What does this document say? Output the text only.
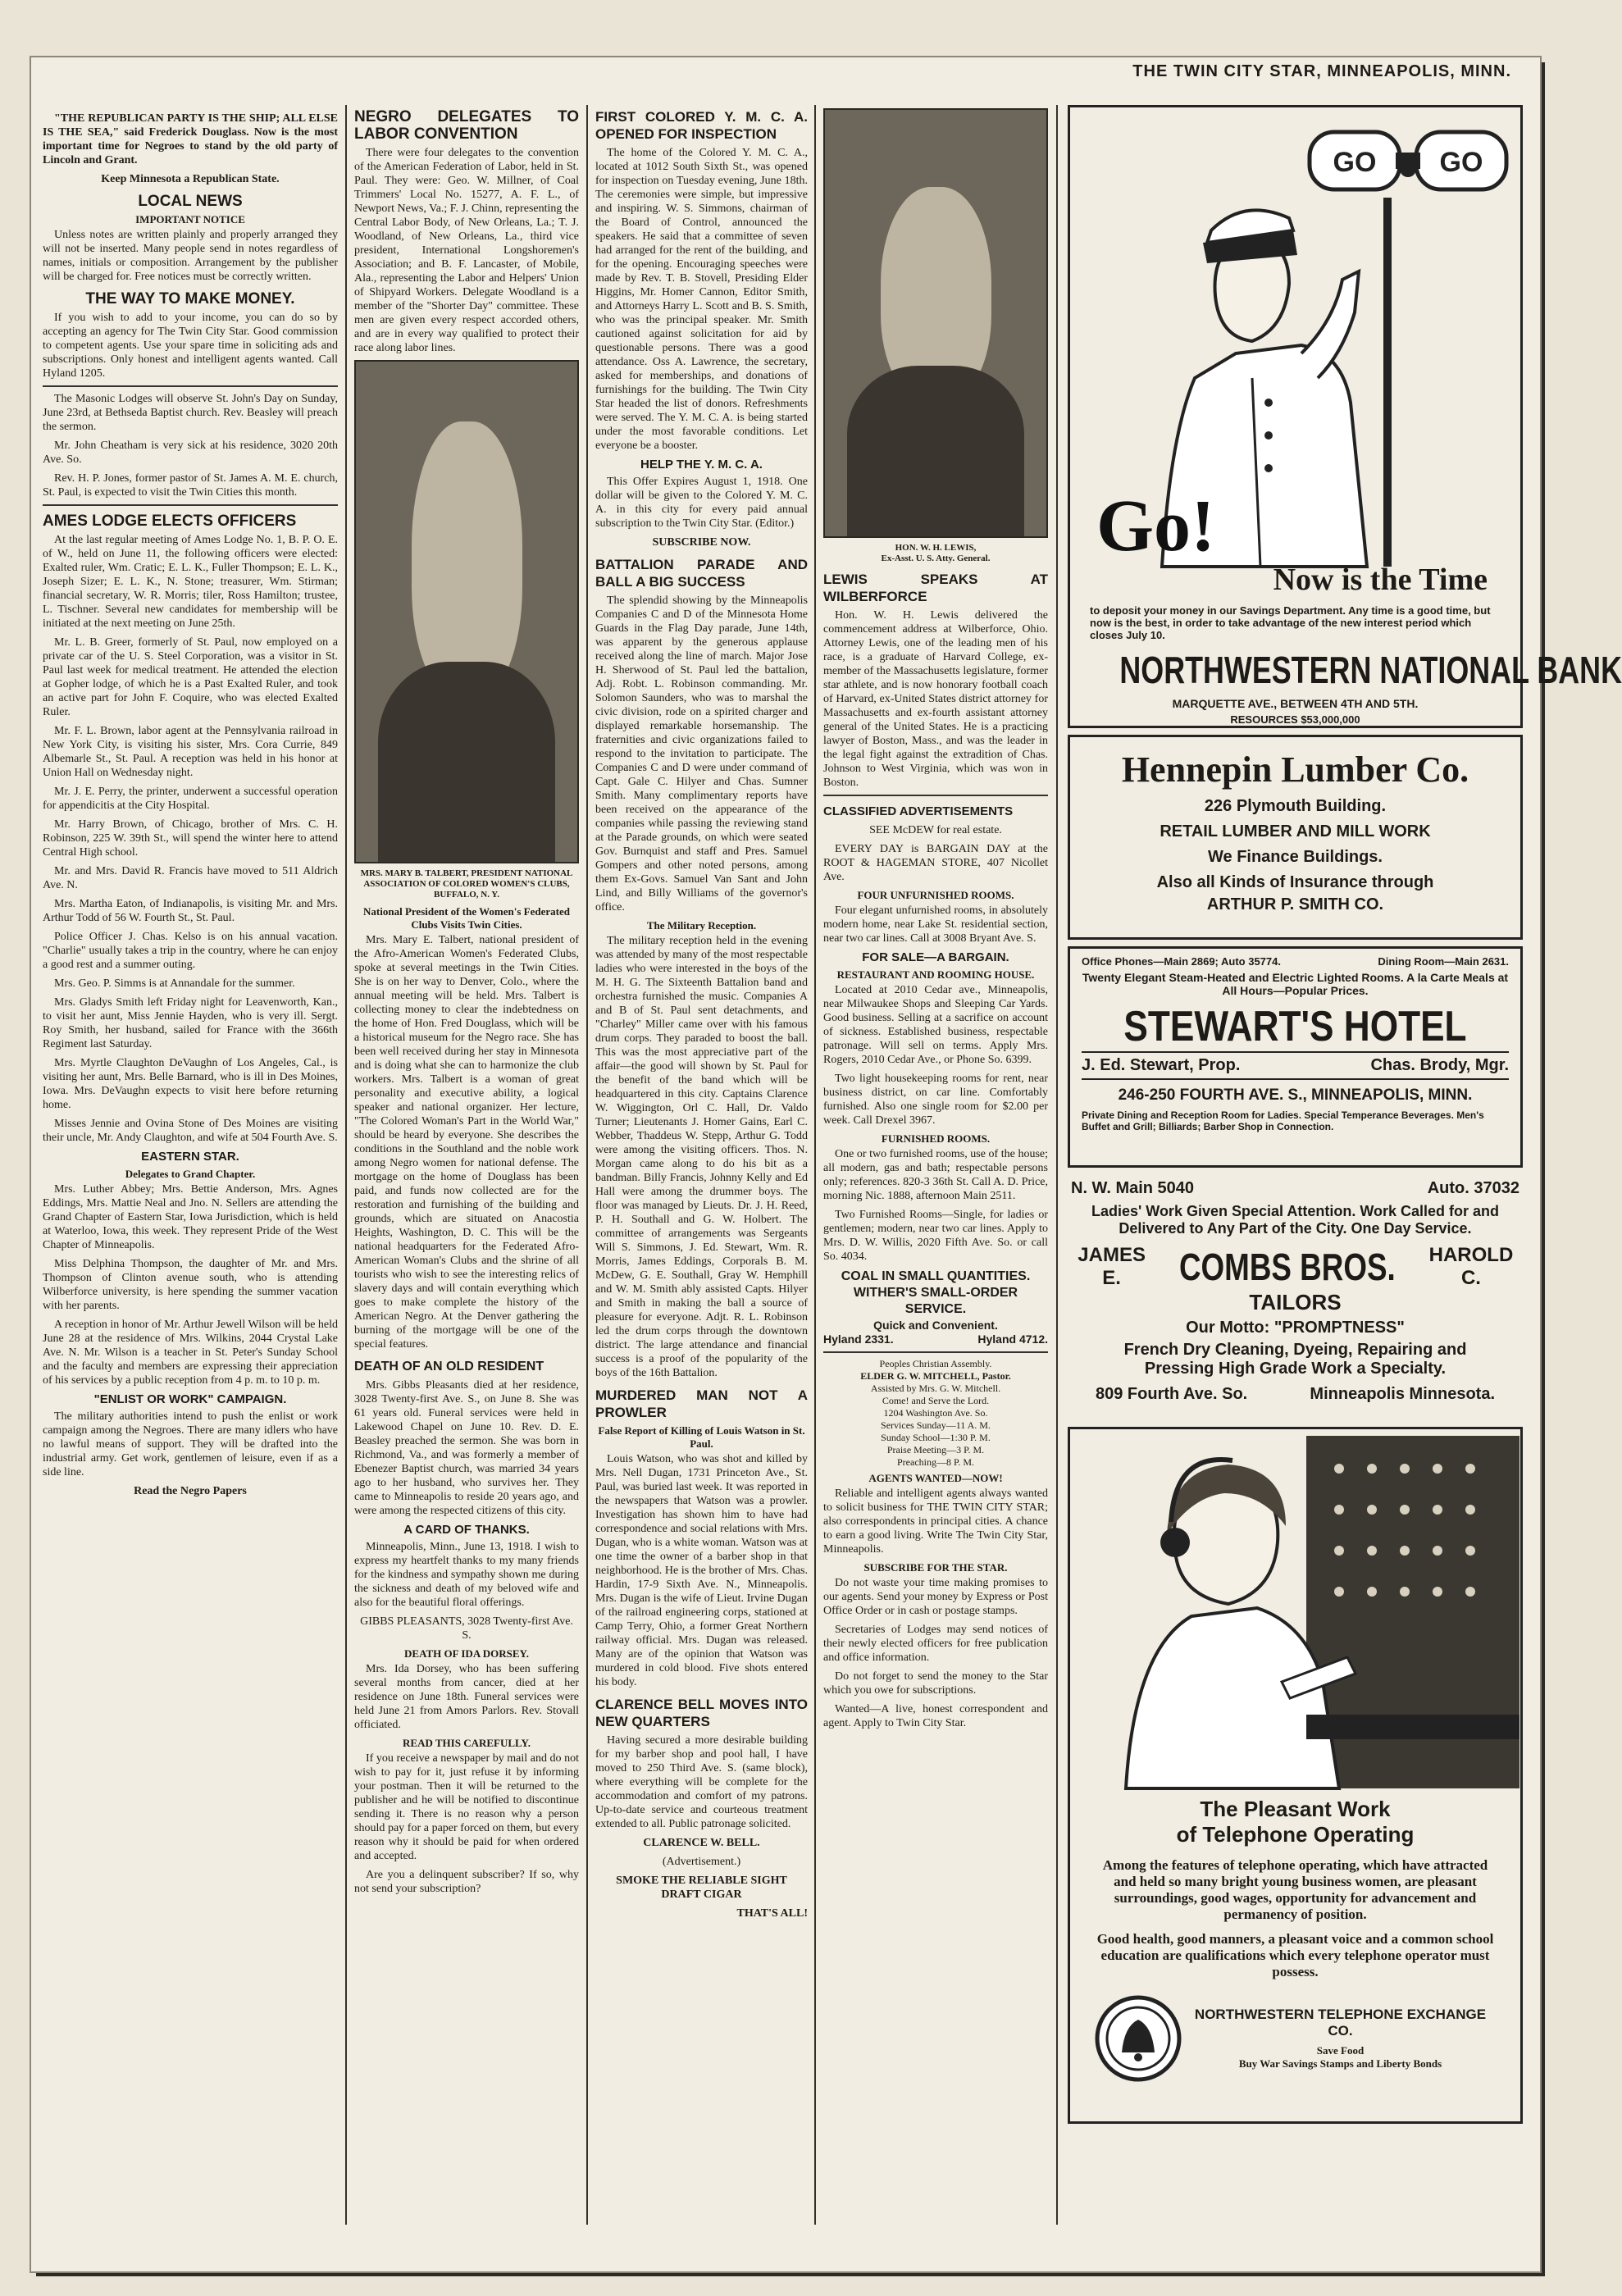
THE TWIN CITY STAR, MINNEAPOLIS, MINN.

"THE REPUBLICAN PARTY IS THE SHIP; ALL ELSE IS THE SEA," said Frederick Douglass. Now is the most important time for Negroes to stand by the old party of Lincoln and Grant.

Keep Minnesota a Republican State.

LOCAL NEWS
IMPORTANT NOTICE

Unless notes are written plainly and properly arranged they will not be inserted. Many people send in notes regardless of names, initials or composition. Arrangement by the publisher will be charged for. Free notices must be correctly written.

THE WAY TO MAKE MONEY.

If you wish to add to your income, you can do so by accepting an agency for The Twin City Star. Good commission to competent agents. Use your spare time in soliciting ads and subscriptions. Only honest and intelligent agents wanted. Call Hyland 1205.

The Masonic Lodges will observe St. John's Day on Sunday, June 23rd, at Bethseda Baptist church. Rev. Beasley will preach the sermon.

Mr. John Cheatham is very sick at his residence, 3020 20th Ave. So.

Rev. H. P. Jones, former pastor of St. James A. M. E. church, St. Paul, is expected to visit the Twin Cities this month.

AMES LODGE ELECTS OFFICERS

At the last regular meeting of Ames Lodge No. 1, B. P. O. E. of W., held on June 11, the following officers were elected: Exalted ruler, Wm. Cratic; E. L. K., Fuller Thompson; E. L. K., Joseph Sizer; E. L. K., N. Stone; treasurer, Wm. Stirman; financial secretary, W. R. Morris; tiler, Ross Hamilton; trustee, L. Tischner. Several new candidates for membership will be initiated at the next meeting on June 25th.

Mr. L. B. Greer, formerly of St. Paul, now employed on a private car of the U. S. Steel Corporation, was a visitor in St. Paul last week for medical treatment. He attended the election at Gopher lodge, of which he is a Past Exalted Ruler, and took an active part for John F. Coquire, who was elected Exalted Ruler.

Mr. F. L. Brown, labor agent at the Pennsylvania railroad in New York City, is visiting his sister, Mrs. Cora Currie, 849 Albemarle St., St. Paul. A reception was held in his honor at Union Hall on Wednesday night.

Mr. J. E. Perry, the printer, underwent a successful operation for appendicitis at the City Hospital.

Mr. Harry Brown, of Chicago, brother of Mrs. C. H. Robinson, 225 W. 39th St., will spend the winter here to attend Central High school.

Mr. and Mrs. David R. Francis have moved to 511 Aldrich Ave. N.

Mrs. Martha Eaton, of Indianapolis, is visiting Mr. and Mrs. Arthur Todd of 56 W. Fourth St., St. Paul.

Police Officer J. Chas. Kelso is on his annual vacation. "Charlie" usually takes a trip in the country, where he can enjoy a good rest and a summer outing.

Mrs. Geo. P. Simms is at Annandale for the summer.

Mrs. Gladys Smith left Friday night for Leavenworth, Kan., to visit her aunt, Miss Jennie Hayden, who is very ill. Sergt. Roy Smith, her husband, sailed for France with the 366th Regiment last Saturday.

Mrs. Myrtle Claughton DeVaughn of Los Angeles, Cal., is visiting her aunt, Mrs. Belle Barnard, who is ill in Des Moines, Iowa. Mrs. DeVaughn expects to visit here before returning home.

Misses Jennie and Ovina Stone of Des Moines are visiting their uncle, Mr. Andy Claughton, and wife at 504 Fourth Ave. S.

EASTERN STAR.
Delegates to Grand Chapter.

Mrs. Luther Abbey; Mrs. Bettie Anderson, Mrs. Agnes Eddings, Mrs. Mattie Neal and Jno. N. Sellers are attending the Grand Chapter of Eastern Star, Iowa Jurisdiction, which is held at Waterloo, Iowa, this week. They represent Pride of the West Chapter of Minneapolis.

Miss Delphina Thompson, the daughter of Mr. and Mrs. Thompson of Clinton avenue south, who is attending Wilberforce university, is here spending the summer vacation with her parents.

A reception in honor of Mr. Arthur Jewell Wilson will be held June 28 at the residence of Mrs. Wilkins, 2044 Crystal Lake Ave. N. Mr. Wilson is a teacher in St. Peter's Sunday School and the faculty and members are expressing their appreciation of his services by a public reception from 4 p. m. to 10 p. m.

"ENLIST OR WORK" CAMPAIGN.

The military authorities intend to push the enlist or work campaign among the Negroes. There are many idlers who have no lawful means of support. They will be drafted into the industrial army. Get work, gentlemen of leisure, even if as a side line.

Read the Negro Papers

NEGRO DELEGATES TO LABOR CONVENTION

There were four delegates to the convention of the American Federation of Labor, held in St. Paul. They were: Geo. W. Millner, of Coal Trimmers' Local No. 15277, A. F. L., of Newport News, Va.; F. J. Chinn, representing the Central Labor Body, of New Orleans, La.; T. J. Woodland, of New Orleans, La., third vice president, International Longshoremen's Association; and B. F. Lancaster, of Mobile, Ala., representing the Labor and Helpers' Union of Shipyard Workers. Delegate Woodland is a member of the "Shorter Day" committee. These men are given every respect accorded others, and are in every way qualified to protect their race along labor lines.

MRS. MARY B. TALBERT, PRESIDENT NATIONAL ASSOCIATION OF COLORED WOMEN'S CLUBS, BUFFALO, N. Y.
National President of the Women's Federated Clubs Visits Twin Cities.

Mrs. Mary E. Talbert, national president of the Afro-American Women's Federated Clubs, spoke at several meetings in the Twin Cities. She is on her way to Denver, Colo., where the annual meeting will be held. Mrs. Talbert is collecting money to clear the indebtedness on the home of Hon. Fred Douglass, which will be a historical museum for the Negro race. She has been well received during her stay in Minnesota and is doing what she can to harmonize the club workers. Mrs. Talbert is a woman of great personality and executive ability, a logical speaker and national organizer. Her lecture, "The Colored Woman's Part in the World War," should be heard by everyone. She describes the conditions in the Southland and the noble work among Negro women for national defense. The mortgage on the home of Douglass has been paid, and funds now collected are for the restoration and furnishing of the building and grounds, which are situated on Anacostia Heights, Washington, D. C. This will be the national headquarters for the Federated Afro-American Woman's Clubs and the shrine of all tourists who wish to see the interesting relics of slavery days and will contain everything which goes to make complete the history of the American Negro. At the Denver gathering the burning of the mortgage will be one of the special features.

DEATH OF AN OLD RESIDENT

Mrs. Gibbs Pleasants died at her residence, 3028 Twenty-first Ave. S., on June 8. She was 61 years old. Funeral services were held in Lakewood Chapel on June 10. Rev. D. E. Beasley preached the sermon. She was born in Richmond, Va., and was formerly a member of Ebenezer Baptist church, was married 34 years ago to her husband, who survives her. They came to Minneapolis to reside 20 years ago, and were among the respected citizens of this city.

A CARD OF THANKS.

Minneapolis, Minn., June 13, 1918. I wish to express my heartfelt thanks to my many friends for the kindness and sympathy shown me during the sickness and death of my beloved wife and also for the beautiful floral offerings.

GIBBS PLEASANTS, 3028 Twenty-first Ave. S.

DEATH OF IDA DORSEY.

Mrs. Ida Dorsey, who has been suffering several months from cancer, died at her residence on June 18th. Funeral services were held June 21 from Amors Parlors. Rev. Stovall officiated.

READ THIS CAREFULLY.

If you receive a newspaper by mail and do not wish to pay for it, just refuse it by informing your postman. Then it will be returned to the publisher and he will be notified to discontinue sending it. There is no reason why a person should pay for a paper forced on them, but every reason why it should be paid for when ordered and accepted.

Are you a delinquent subscriber? If so, why not send your subscription?

FIRST COLORED Y. M. C. A. OPENED FOR INSPECTION

The home of the Colored Y. M. C. A., located at 1012 South Sixth St., was opened for inspection on Tuesday evening, June 18th. The ceremonies were simple, but impressive and inspiring. W. S. Simmons, chairman of the Board of Control, announced the speakers. He said that a committee of seven had arranged for the rent of the building, and for the opening. Encouraging speeches were made by Rev. T. B. Stovell, Presiding Elder Higgins, Mr. Homer Cannon, Editor Smith, and Attorneys Harry L. Scott and B. S. Smith, who was the principal speaker. Mr. Smith cautioned against solicitation for aid by questionable persons. There was a good attendance. Oss A. Lawrence, the secretary, asked for memberships, and donations of furnishings for the building. The Twin City Star headed the list of donors. Refreshments were served. The Y. M. C. A. is being started under the most favorable conditions. Let everyone be a booster.

HELP THE Y. M. C. A.

This Offer Expires August 1, 1918. One dollar will be given to the Colored Y. M. C. A. in this city for every paid annual subscription to the Twin City Star. (Editor.)

SUBSCRIBE NOW.

BATTALION PARADE AND BALL A BIG SUCCESS

The splendid showing by the Minneapolis Companies C and D of the Minnesota Home Guards in the Flag Day parade, June 14th, was apparent by the generous applause received along the line of march. Major Jose H. Sherwood of St. Paul led the battalion, Adj. Robt. L. Robinson commanding. Mr. Solomon Saunders, who was to marshal the civic division, rode on a spirited charger and displayed remarkable horsemanship. The fraternities and civic organizations failed to respond to the invitation to participate. The Companies C and D were under command of Capt. Gale C. Hilyer and Chas. Sumner Smith. Many complimentary reports have been received on the appearance of the companies while passing the reviewing stand at the Parade grounds, on which were seated Gov. Burnquist and staff and Pres. Samuel Gompers and other noted persons, among them Ex-Govs. Samuel Van Sant and John Lind, and Billy Williams of the governor's office.

The Military Reception.

The military reception held in the evening was attended by many of the most respectable ladies who were interested in the boys of the M. H. G. The Sixteenth Battalion band and orchestra furnished the music. Companies A and B of St. Paul sent detachments, and "Charley" Miller came over with his famous drum corps. They paraded to boost the ball. This was the most appreciative part of the affair—the good will shown by St. Paul for the benefit of the band which will be headquartered in this city. Captains Clarence W. Wiggington, Orl C. Hall, Dr. Valdo Turner; Lieutenants J. Homer Gains, Earl C. Webber, Thaddeus W. Stepp, Arthur G. Todd were among the visiting officers. Thos. N. Morgan came along to do his bit as a bandman. Billy Francis, Johnny Kelly and Ed Hall were among the drummer boys. The floor was managed by Lieuts. Dr. J. H. Reed, P. H. Southall and G. W. Holbert. The committee of arrangements was Sergeants Will S. Simmons, J. Ed. Stewart, Wm. R. Morris, James Eddings, Corporals B. M. McDew, G. E. Southall, Gray W. Hemphill and W. M. Smith ably assisted Capts. Hilyer and Smith in making the ball a source of pleasure for everyone. Adjt. R. L. Robinson led the drum corps through the downtown district. The large attendance and financial success is a proof of the popularity of the boys of the 16th Battalion.

MURDERED MAN NOT A PROWLER
False Report of Killing of Louis Watson in St. Paul.

Louis Watson, who was shot and killed by Mrs. Nell Dugan, 1731 Princeton Ave., St. Paul, was buried last week. It was reported in the newspapers that Watson was a prowler. Investigation has shown him to have had correspondence and social relations with Mrs. Dugan, who is a white woman. Watson was at one time the owner of a barber shop in that neighborhood. He is the brother of Mrs. Chas. Hardin, 17-9 Sixth Ave. N., Minneapolis. Mrs. Dugan is the wife of Lieut. Irvine Dugan of the railroad engineering corps, stationed at Camp Terry, Ohio, a former Great Northern railway official. Mrs. Dugan was released. Many are of the opinion that Watson was murdered in cold blood. Five shots entered his body.

CLARENCE BELL MOVES INTO NEW QUARTERS

Having secured a more desirable building for my barber shop and pool hall, I have moved to 250 Third Ave. S. (same block), where everything will be complete for the accommodation and comfort of my patrons. Up-to-date service and courteous treatment extended to all. Public patronage solicited.

CLARENCE W. BELL.

(Advertisement.)

SMOKE THE RELIABLE SIGHT DRAFT CIGAR

THAT'S ALL!

HON. W. H. LEWIS,
Ex-Asst. U. S. Atty. General.
LEWIS SPEAKS AT WILBERFORCE

Hon. W. H. Lewis delivered the commencement address at Wilberforce, Ohio. Attorney Lewis, one of the leading men of his race, is a graduate of Harvard College, ex-member of the Massachusetts legislature, former star athlete, and is now honorary football coach of Harvard, ex-United States district attorney for Massachusetts and ex-fourth assistant attorney general of the United States. He is a practicing lawyer of Boston, Mass., and was the leader in the legal fight against the extradition of Chas. Johnson to West Virginia, which was won in Boston.

CLASSIFIED ADVERTISEMENTS

SEE McDEW for real estate.

EVERY DAY is BARGAIN DAY at the ROOT & HAGEMAN STORE, 407 Nicollet Ave.

FOUR UNFURNISHED ROOMS.

Four elegant unfurnished rooms, in absolutely modern home, near Lake St. residential section, near two car lines. Call at 3008 Bryant Ave. S.

FOR SALE—A BARGAIN.
RESTAURANT AND ROOMING HOUSE.

Located at 2010 Cedar ave., Minneapolis, near Milwaukee Shops and Sleeping Car Yards. Good business. Selling at a sacrifice on account of sickness. Established business, respectable patronage. Will sell on terms. Apply Mrs. Rogers, 2010 Cedar Ave., or Phone So. 6399.

Two light housekeeping rooms for rent, near business district, on car line. Comfortably furnished. Also one single room for $2.00 per week. Call Drexel 3967.

FURNISHED ROOMS.

One or two furnished rooms, use of the house; all modern, gas and bath; respectable persons only; references. 820-3 36th St. Call A. D. Price, morning Nic. 1888, afternoon Main 2511.

Two Furnished Rooms—Single, for ladies or gentlemen; modern, near two car lines. Apply to Mrs. D. W. Willis, 2020 Fifth Ave. So. or call So. 4034.

COAL IN SMALL QUANTITIES.
WITHER'S SMALL-ORDER
SERVICE.
Quick and Convenient.
Hyland 2331.	Hyland 4712.
Peoples Christian Assembly.
ELDER G. W. MITCHELL, Pastor.
Assisted by Mrs. G. W. Mitchell.
Come! and Serve the Lord.
1204 Washington Ave. So.
Services Sunday—11 A. M.
Sunday School—1:30 P. M.
Praise Meeting—3 P. M.
Preaching—8 P. M.
AGENTS WANTED—NOW!

Reliable and intelligent agents always wanted to solicit business for THE TWIN CITY STAR; also correspondents in principal cities. A chance to earn a good living. Write The Twin City Star, Minneapolis.

SUBSCRIBE FOR THE STAR.

Do not waste your time making promises to our agents. Send your money by Express or Post Office Order or in cash or postage stamps.

Secretaries of Lodges may send notices of their newly elected officers for free publication and office information.

Do not forget to send the money to the Star which you owe for subscriptions.

Wanted—A live, honest correspondent and agent. Apply to Twin City Star.

GO GO
Go!
Now is the Time
to deposit your money in our Savings Department. Any time is a good time, but now is the best, in order to take advantage of the new interest period which closes July 10.
NORTHWESTERN NATIONAL BANK
MARQUETTE AVE., BETWEEN 4TH AND 5TH.
RESOURCES $53,000,000
Hennepin Lumber Co.
226 Plymouth Building.
RETAIL LUMBER AND MILL WORK
We Finance Buildings.
Also all Kinds of Insurance through
ARTHUR P. SMITH CO.
Office Phones—Main 2869; Auto 35774.	Dining Room—Main 2631.
Twenty Elegant Steam-Heated and Electric Lighted Rooms. A la Carte Meals at All Hours—Popular Prices.
STEWART'S HOTEL
J. Ed. Stewart, Prop.	Chas. Brody, Mgr.
246-250 FOURTH AVE. S., MINNEAPOLIS, MINN.
Private Dining and Reception Room for Ladies. Special Temperance Beverages. Men's Buffet and Grill; Billiards; Barber Shop in Connection.
N. W. Main 5040	Auto. 37032
Ladies' Work Given Special Attention. Work Called for and Delivered to Any Part of the City. One Day Service.
JAMES E.	COMBS BROS.	HAROLD C.
TAILORS
Our Motto: "PROMPTNESS"
French Dry Cleaning, Dyeing, Repairing and Pressing High Grade Work a Specialty.
809 Fourth Ave. So.	Minneapolis Minnesota.
The Pleasant Work
of Telephone Operating
Among the features of telephone operating, which have attracted and held so many bright young business women, are pleasant surroundings, good wages, opportunity for advancement and permanency of position.
Good health, good manners, a pleasant voice and a common school education are qualifications which every telephone operator must possess.
NORTHWESTERN TELEPHONE EXCHANGE CO.
Save Food
Buy War Savings Stamps and Liberty Bonds
